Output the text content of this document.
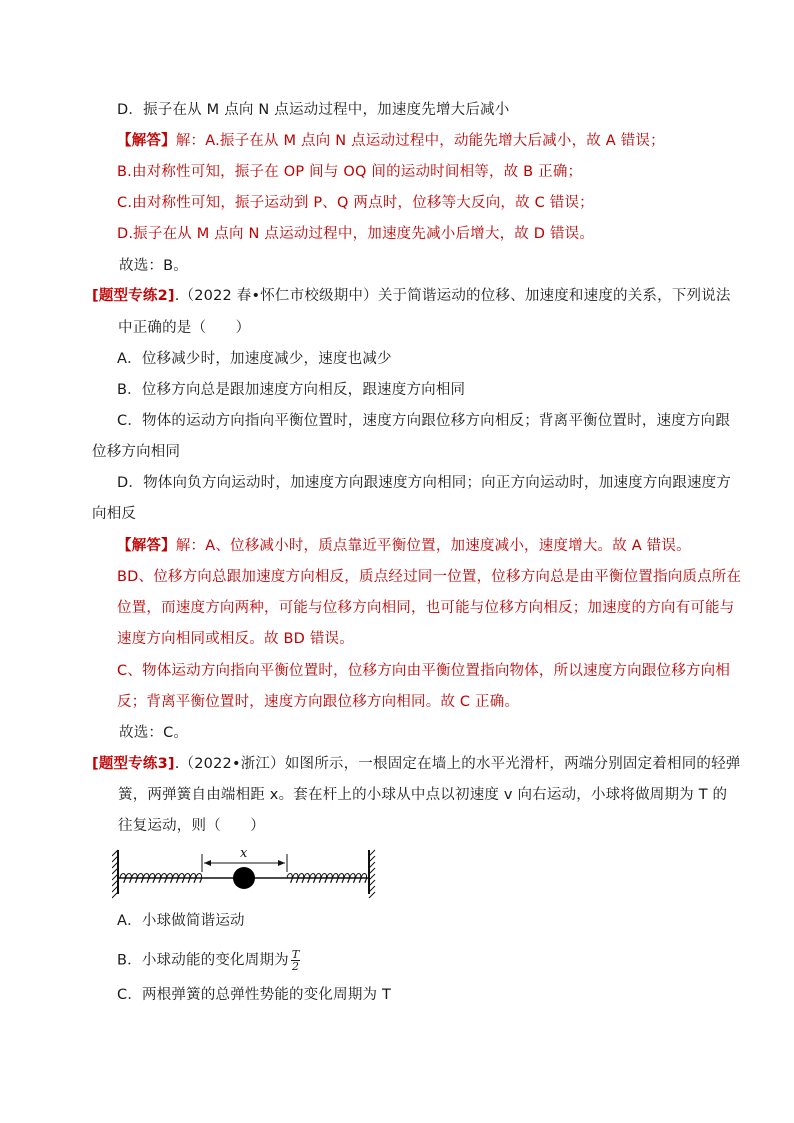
D．振子在从 M 点向 N 点运动过程中，加速度先增大后减小
【解答】解：A.振子在从 M 点向 N 点运动过程中，动能先增大后减小，故 A 错误；
B.由对称性可知，振子在 OP 间与 OQ 间的运动时间相等，故 B 正确；
C.由对称性可知，振子运动到 P、Q 两点时，位移等大反向，故 C 错误；
D.振子在从 M 点向 N 点运动过程中，加速度先减小后增大，故 D 错误。
故选：B。
[题型专练2].（2022 春•怀仁市校级期中）关于简谐运动的位移、加速度和速度的关系，下列说法
中正确的是（　　）
A．位移减少时，加速度减少，速度也减少
B．位移方向总是跟加速度方向相反，跟速度方向相同
C．物体的运动方向指向平衡位置时，速度方向跟位移方向相反；背离平衡位置时，速度方向跟
位移方向相同
D．物体向负方向运动时，加速度方向跟速度方向相同；向正方向运动时，加速度方向跟速度方
向相反
【解答】解：A、位移减小时，质点靠近平衡位置，加速度减小，速度增大。故 A 错误。
BD、位移方向总跟加速度方向相反，质点经过同一位置，位移方向总是由平衡位置指向质点所在
位置，而速度方向两种，可能与位移方向相同，也可能与位移方向相反；加速度的方向有可能与
速度方向相同或相反。故 BD 错误。
C、物体运动方向指向平衡位置时，位移方向由平衡位置指向物体，所以速度方向跟位移方向相
反；背离平衡位置时，速度方向跟位移方向相同。故 C 正确。
故选：C。
[题型专练3].（2022•浙江）如图所示，一根固定在墙上的水平光滑杆，两端分别固定着相同的轻弹
簧，两弹簧自由端相距 x。套在杆上的小球从中点以初速度 v 向右运动，小球将做周期为 T 的
往复运动，则（　　）
x
A．小球做简谐运动
B．小球动能的变化周期为 $\frac{T}{2}$
C．两根弹簧的总弹性势能的变化周期为 T
